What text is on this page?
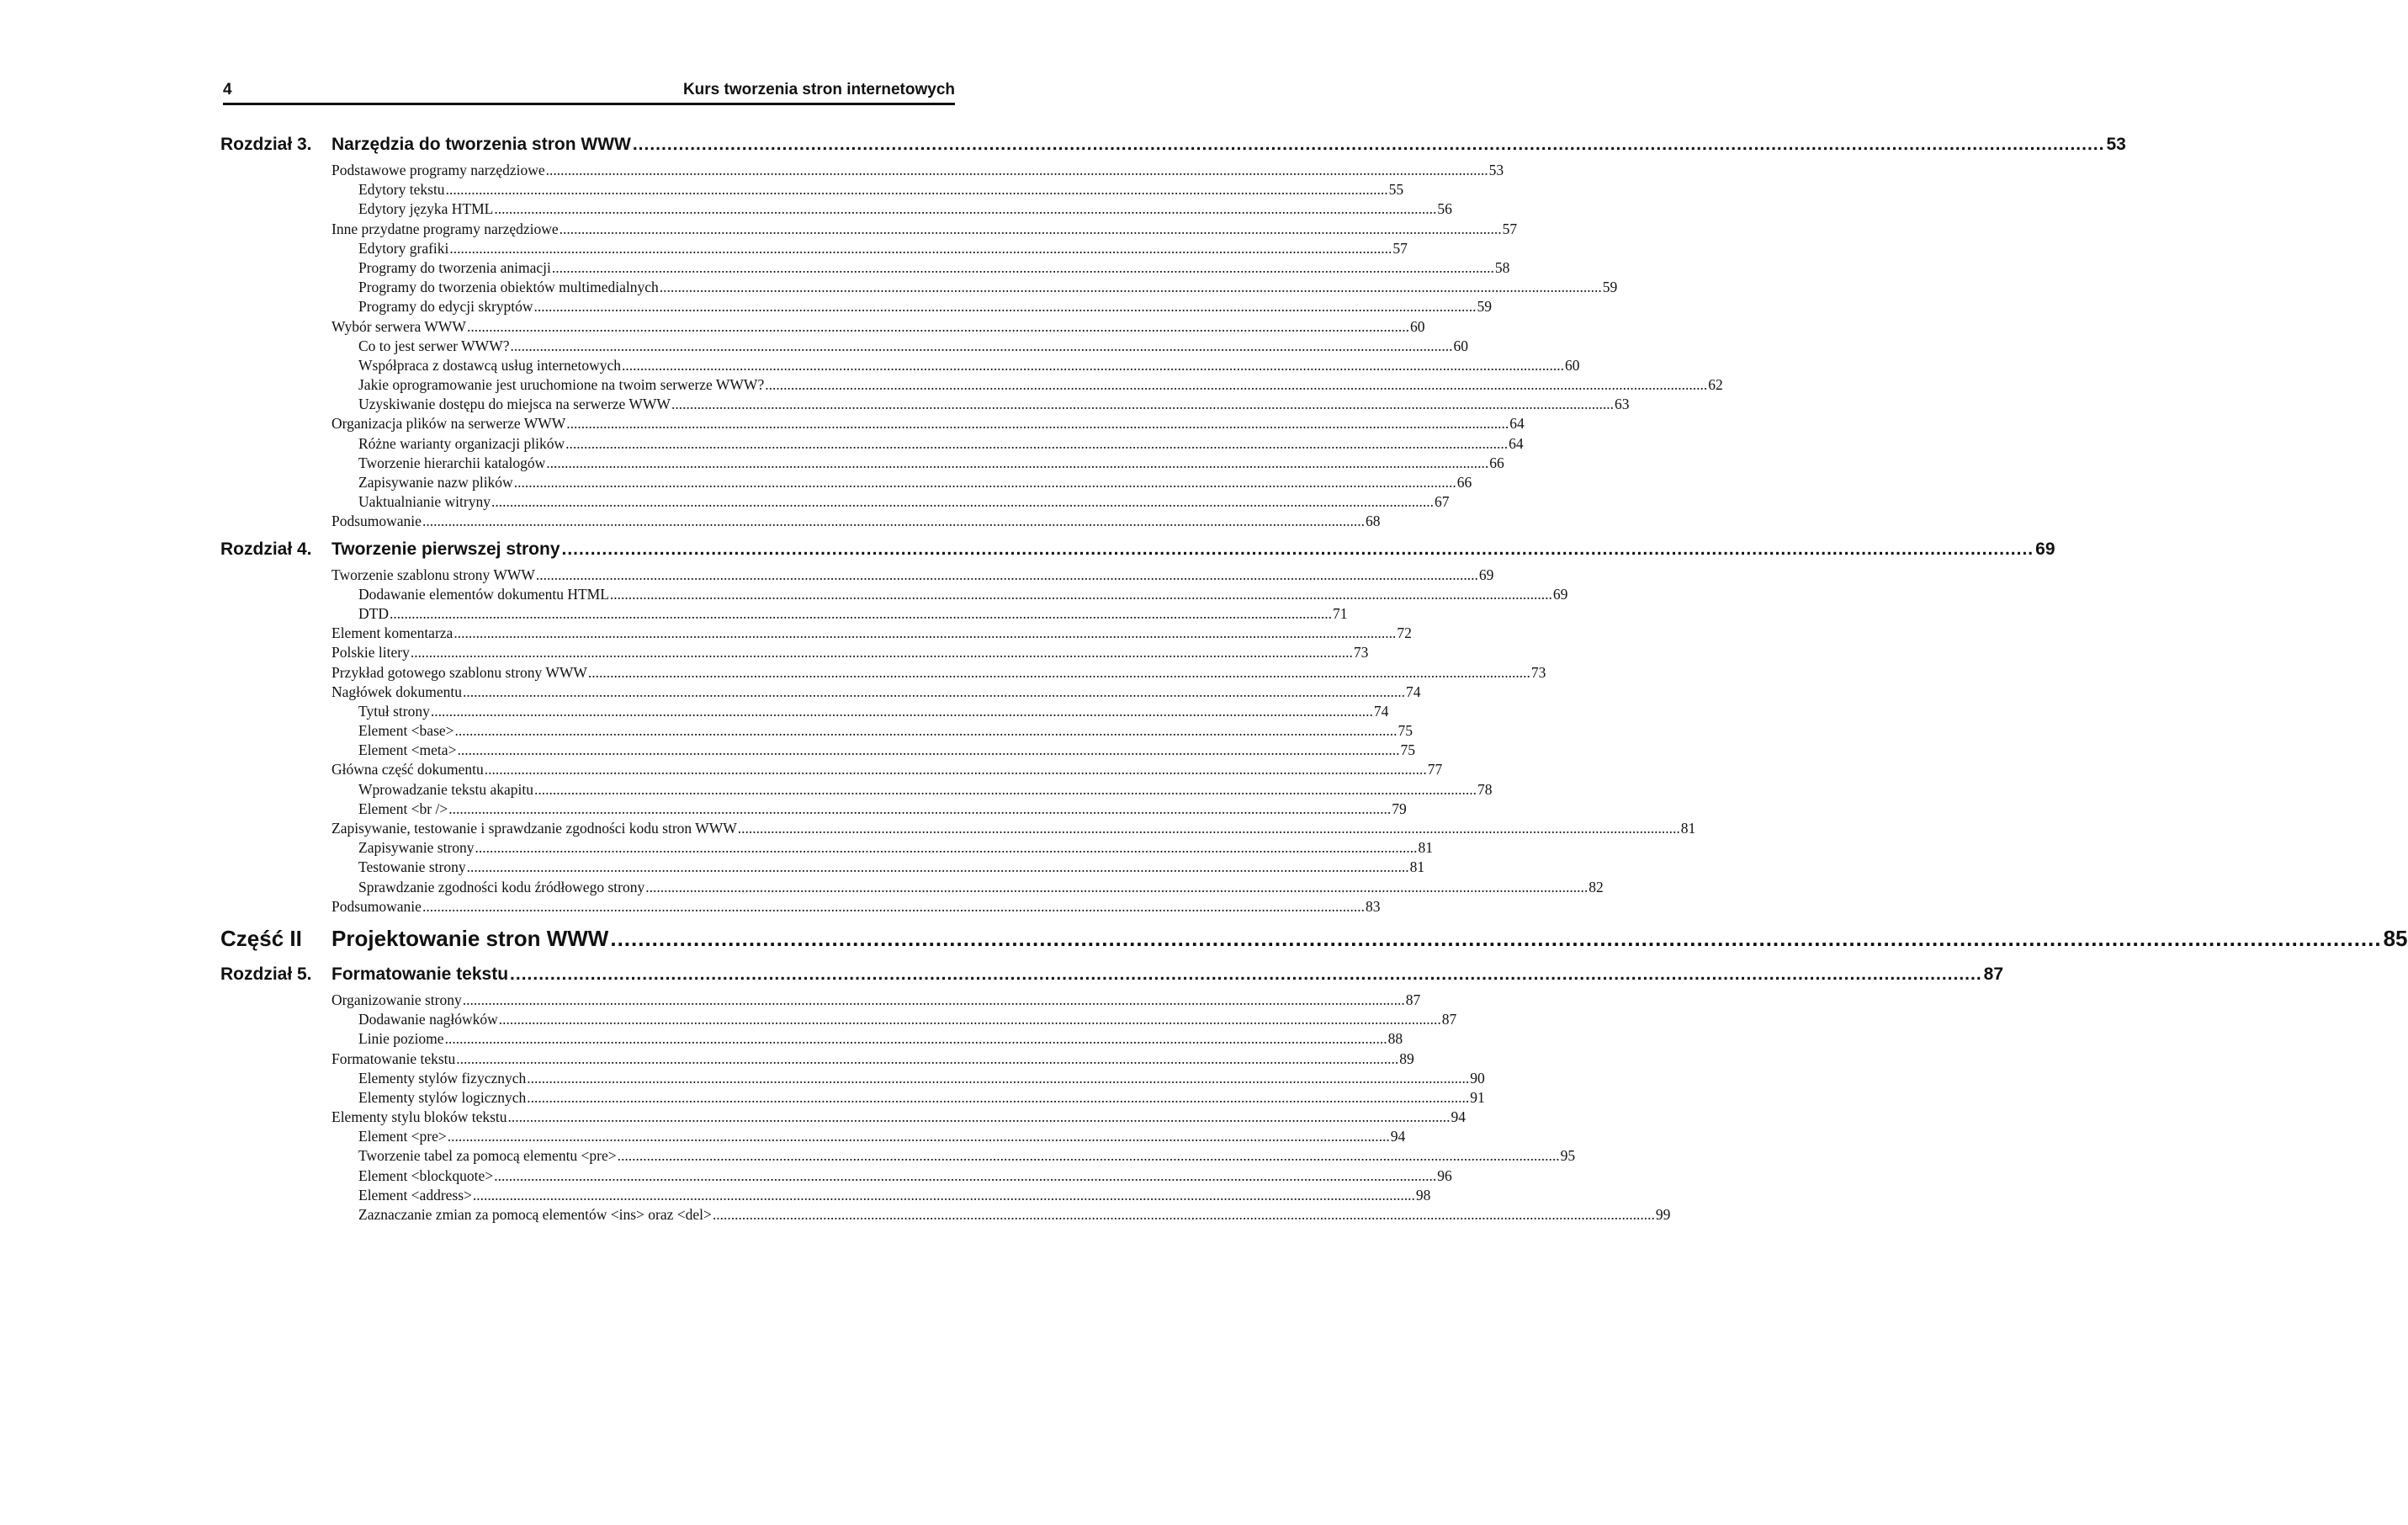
4	Kurs tworzenia stron internetowych
Rozdział 3.	Narzędzia do tworzenia stron WWW ................................................................................................................................................................................................................................................................ 53
Podstawowe programy narzędziowe ................................................................................................................................................................................................................................................................ 53
Edytory tekstu ................................................................................................................................................................................................................................................................ 55
Edytory języka HTML ................................................................................................................................................................................................................................................................ 56
Inne przydatne programy narzędziowe ................................................................................................................................................................................................................................................................ 57
Edytory grafiki ................................................................................................................................................................................................................................................................ 57
Programy do tworzenia animacji ................................................................................................................................................................................................................................................................ 58
Programy do tworzenia obiektów multimedialnych ................................................................................................................................................................................................................................................................ 59
Programy do edycji skryptów ................................................................................................................................................................................................................................................................ 59
Wybór serwera WWW ................................................................................................................................................................................................................................................................ 60
Co to jest serwer WWW? ................................................................................................................................................................................................................................................................ 60
Współpraca z dostawcą usług internetowych ................................................................................................................................................................................................................................................................ 60
Jakie oprogramowanie jest uruchomione na twoim serwerze WWW? ................................................................................................................................................................................................................................................................ 62
Uzyskiwanie dostępu do miejsca na serwerze WWW ................................................................................................................................................................................................................................................................ 63
Organizacja plików na serwerze WWW ................................................................................................................................................................................................................................................................ 64
Różne warianty organizacji plików ................................................................................................................................................................................................................................................................ 64
Tworzenie hierarchii katalogów ................................................................................................................................................................................................................................................................ 66
Zapisywanie nazw plików ................................................................................................................................................................................................................................................................ 66
Uaktualnianie witryny ................................................................................................................................................................................................................................................................ 67
Podsumowanie ................................................................................................................................................................................................................................................................ 68
Rozdział 4.	Tworzenie pierwszej strony ................................................................................................................................................................................................................................................................ 69
Tworzenie szablonu strony WWW ................................................................................................................................................................................................................................................................ 69
Dodawanie elementów dokumentu HTML ................................................................................................................................................................................................................................................................ 69
DTD ................................................................................................................................................................................................................................................................ 71
Element komentarza ................................................................................................................................................................................................................................................................ 72
Polskie litery ................................................................................................................................................................................................................................................................ 73
Przykład gotowego szablonu strony WWW ................................................................................................................................................................................................................................................................ 73
Nagłówek dokumentu ................................................................................................................................................................................................................................................................ 74
Tytuł strony ................................................................................................................................................................................................................................................................ 74
Element <base> ................................................................................................................................................................................................................................................................ 75
Element <meta> ................................................................................................................................................................................................................................................................ 75
Główna część dokumentu ................................................................................................................................................................................................................................................................ 77
Wprowadzanie tekstu akapitu ................................................................................................................................................................................................................................................................ 78
Element <br /> ................................................................................................................................................................................................................................................................ 79
Zapisywanie, testowanie i sprawdzanie zgodności kodu stron WWW ................................................................................................................................................................................................................................................................ 81
Zapisywanie strony ................................................................................................................................................................................................................................................................ 81
Testowanie strony ................................................................................................................................................................................................................................................................ 81
Sprawdzanie zgodności kodu źródłowego strony ................................................................................................................................................................................................................................................................ 82
Podsumowanie ................................................................................................................................................................................................................................................................ 83
Część II	Projektowanie stron WWW ................................................................................................................................................................................................................................................................ 85
Rozdział 5.	Formatowanie tekstu ................................................................................................................................................................................................................................................................ 87
Organizowanie strony ................................................................................................................................................................................................................................................................ 87
Dodawanie nagłówków ................................................................................................................................................................................................................................................................ 87
Linie poziome ................................................................................................................................................................................................................................................................ 88
Formatowanie tekstu ................................................................................................................................................................................................................................................................ 89
Elementy stylów fizycznych ................................................................................................................................................................................................................................................................ 90
Elementy stylów logicznych ................................................................................................................................................................................................................................................................ 91
Elementy stylu bloków tekstu ................................................................................................................................................................................................................................................................ 94
Element <pre> ................................................................................................................................................................................................................................................................ 94
Tworzenie tabel za pomocą elementu <pre> ................................................................................................................................................................................................................................................................ 95
Element <blockquote> ................................................................................................................................................................................................................................................................ 96
Element <address> ................................................................................................................................................................................................................................................................ 98
Zaznaczanie zmian za pomocą elementów <ins> oraz <del> ................................................................................................................................................................................................................................................................ 99
